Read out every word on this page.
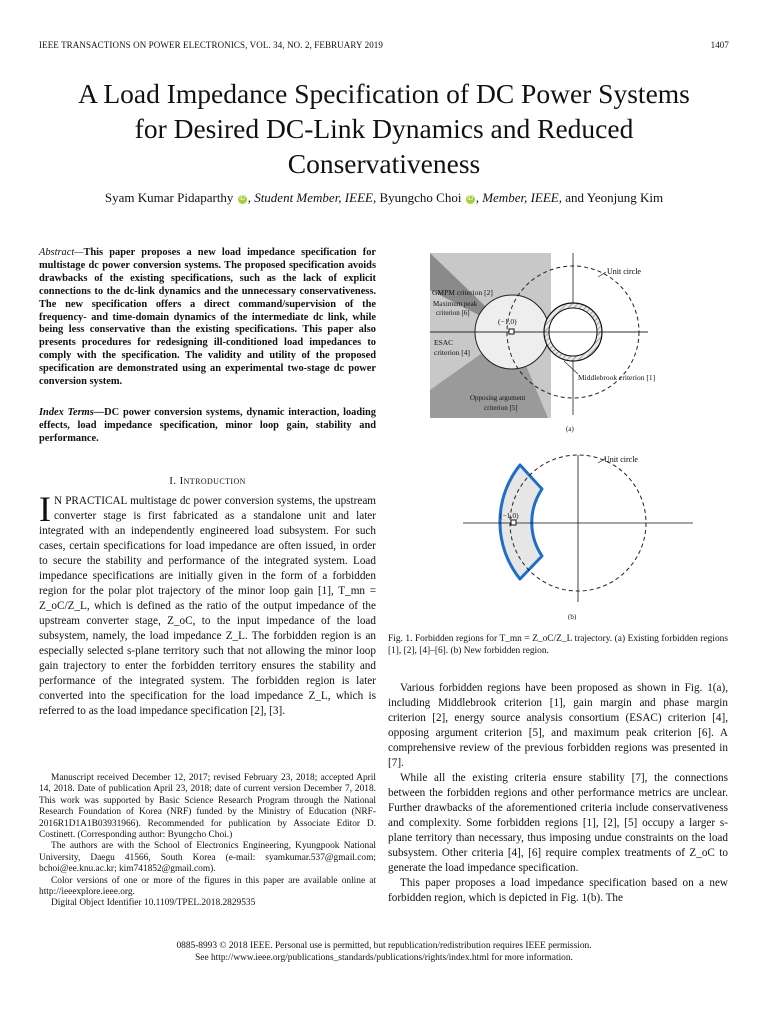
IEEE TRANSACTIONS ON POWER ELECTRONICS, VOL. 34, NO. 2, FEBRUARY 2019	1407
A Load Impedance Specification of DC Power Systems for Desired DC-Link Dynamics and Reduced Conservativeness
Syam Kumar Pidaparthy iD , Student Member, IEEE, Byungcho Choi iD , Member, IEEE, and Yeonjung Kim
Abstract—This paper proposes a new load impedance specification for multistage dc power conversion systems. The proposed specification avoids drawbacks of the existing specifications, such as the lack of explicit connections to the dc-link dynamics and the unnecessary conservativeness. The new specification offers a direct command/supervision of the frequency- and time-domain dynamics of the intermediate dc link, while being less conservative than the existing specifications. This paper also presents procedures for redesigning ill-conditioned load impedances to comply with the specification. The validity and utility of the proposed specification are demonstrated using an experimental two-stage dc power conversion system.
Index Terms—DC power conversion systems, dynamic interaction, loading effects, load impedance specification, minor loop gain, stability and performance.
I. Introduction
I N PRACTICAL multistage dc power conversion systems, the upstream converter stage is first fabricated as a standalone unit and later integrated with an independently engineered load subsystem. For such cases, certain specifications for load impedance are often issued, in order to secure the stability and performance of the integrated system. Load impedance specifications are initially given in the form of a forbidden region for the polar plot trajectory of the minor loop gain [1], T_mn = Z_oC/Z_L, which is defined as the ratio of the output impedance of the upstream converter stage, Z_oC, to the input impedance of the load subsystem, namely, the load impedance Z_L. The forbidden region is an especially selected s-plane territory such that not allowing the minor loop gain trajectory to enter the forbidden territory ensures the stability and performance of the integrated system. The forbidden region is later converted into the specification for the load impedance Z_L, which is referred to as the load impedance specification [2], [3].

Manuscript received December 12, 2017; revised February 23, 2018; accepted April 14, 2018. Date of publication April 23, 2018; date of current version December 7, 2018. This work was supported by Basic Science Research Program through the National Research Foundation of Korea (NRF) funded by the Ministry of Education (NRF-2016R1D1A1B03931966). Recommended for publication by Associate Editor D. Costinett. (Corresponding author: Byungcho Choi.)

The authors are with the School of Electronics Engineering, Kyungpook National University, Daegu 41566, South Korea (e-mail: syamkumar.537@gmail.com; bchoi@ee.knu.ac.kr; kim741852@gmail.com).

Color versions of one or more of the figures in this paper are available online at http://ieeexplore.ieee.org.

Digital Object Identifier 10.1109/TPEL.2018.2829535

Unit circle
GMPM criterion [2]
Maximum peak
criterion [6]
(−1,0)
ESAC
criterion [4]
Middlebrook criterion [1]
Opposing argument
criterion [5]
(a)
(−1,0)
Unit circle
(b)
Fig. 1. Forbidden regions for T_mn = Z_oC/Z_L trajectory. (a) Existing forbidden regions [1], [2], [4]–[6]. (b) New forbidden region.

Various forbidden regions have been proposed as shown in Fig. 1(a), including Middlebrook criterion [1], gain margin and phase margin criterion [2], energy source analysis consortium (ESAC) criterion [4], opposing argument criterion [5], and maximum peak criterion [6]. A comprehensive review of the previous forbidden regions was presented in [7].

While all the existing criteria ensure stability [7], the connections between the forbidden regions and other performance metrics are unclear. Further drawbacks of the aforementioned criteria include conservativeness and complexity. Some forbidden regions [1], [2], [5] occupy a larger s-plane territory than necessary, thus imposing undue constraints on the load subsystem. Other criteria [4], [6] require complex treatments of Z_oC to generate the load impedance specification.

This paper proposes a load impedance specification based on a new forbidden region, which is depicted in Fig. 1(b). The

0885-8993 © 2018 IEEE. Personal use is permitted, but republication/redistribution requires IEEE permission.
See http://www.ieee.org/publications_standards/publications/rights/index.html for more information.
